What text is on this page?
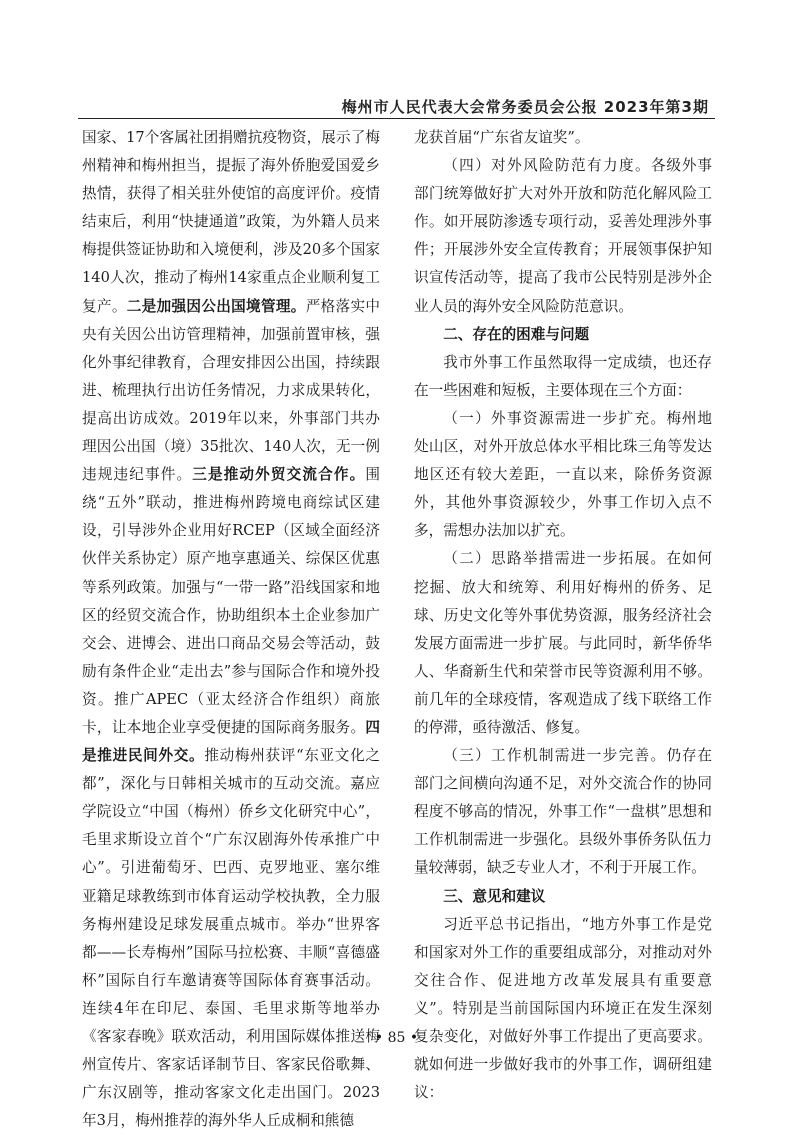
梅州市人民代表大会常务委员会公报 2023年第3期

国家、17个客属社团捐赠抗疫物资，展示了梅州精神和梅州担当，提振了海外侨胞爱国爱乡热情，获得了相关驻外使馆的高度评价。疫情结束后，利用“快捷通道”政策，为外籍人员来梅提供签证协助和入境便利，涉及20多个国家140人次，推动了梅州14家重点企业顺利复工复产。二是加强因公出国境管理。严格落实中央有关因公出访管理精神，加强前置审核，强化外事纪律教育，合理安排因公出国，持续跟进、梳理执行出访任务情况，力求成果转化，提高出访成效。2019年以来，外事部门共办理因公出国（境）35批次、140人次，无一例违规违纪事件。三是推动外贸交流合作。围绕“五外”联动，推进梅州跨境电商综试区建设，引导涉外企业用好RCEP（区域全面经济伙伴关系协定）原产地享惠通关、综保区优惠等系列政策。加强与“一带一路”沿线国家和地区的经贸交流合作，协助组织本土企业参加广交会、进博会、进出口商品交易会等活动，鼓励有条件企业“走出去”参与国际合作和境外投资。推广APEC（亚太经济合作组织）商旅卡，让本地企业享受便捷的国际商务服务。四是推进民间外交。推动梅州获评“东亚文化之都”，深化与日韩相关城市的互动交流。嘉应学院设立“中国（梅州）侨乡文化研究中心”，毛里求斯设立首个“广东汉剧海外传承推广中心”。引进葡萄牙、巴西、克罗地亚、塞尔维亚籍足球教练到市体育运动学校执教，全力服务梅州建设足球发展重点城市。举办“世界客都——长寿梅州”国际马拉松赛、丰顺“喜德盛杯”国际自行车邀请赛等国际体育赛事活动。连续4年在印尼、泰国、毛里求斯等地举办《客家春晚》联欢活动，利用国际媒体推送梅州宣传片、客家话译制节目、客家民俗歌舞、广东汉剧等，推动客家文化走出国门。2023年3月，梅州推荐的海外华人丘成桐和熊德

龙获首届“广东省友谊奖”。

（四）对外风险防范有力度。各级外事部门统筹做好扩大对外开放和防范化解风险工作。如开展防渗透专项行动，妥善处理涉外事件；开展涉外安全宣传教育；开展领事保护知识宣传活动等，提高了我市公民特别是涉外企业人员的海外安全风险防范意识。

二、存在的困难与问题

我市外事工作虽然取得一定成绩，也还存在一些困难和短板，主要体现在三个方面：

（一）外事资源需进一步扩充。梅州地处山区，对外开放总体水平相比珠三角等发达地区还有较大差距，一直以来，除侨务资源外，其他外事资源较少，外事工作切入点不多，需想办法加以扩充。

（二）思路举措需进一步拓展。在如何挖掘、放大和统筹、利用好梅州的侨务、足球、历史文化等外事优势资源，服务经济社会发展方面需进一步扩展。与此同时，新华侨华人、华裔新生代和荣誉市民等资源利用不够。前几年的全球疫情，客观造成了线下联络工作的停滞，亟待激活、修复。

（三）工作机制需进一步完善。仍存在部门之间横向沟通不足，对外交流合作的协同程度不够高的情况，外事工作“一盘棋”思想和工作机制需进一步强化。县级外事侨务队伍力量较薄弱，缺乏专业人才，不利于开展工作。

三、意见和建议

习近平总书记指出，“地方外事工作是党和国家对外工作的重要组成部分，对推动对外交往合作、促进地方改革发展具有重要意义”。特别是当前国际国内环境正在发生深刻复杂变化，对做好外事工作提出了更高要求。就如何进一步做好我市的外事工作，调研组建议：

• 85 •
